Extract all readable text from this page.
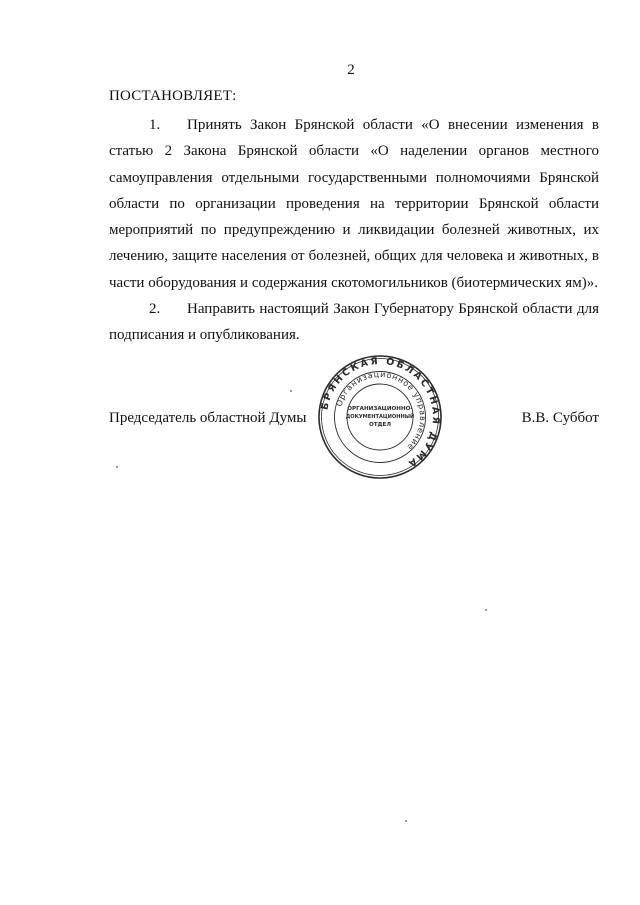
2
ПОСТАНОВЛЯЕТ:

1. Принять Закон Брянской области «О внесении изменения в статью 2 Закона Брянской области «О наделении органов местного самоуправления отдельными государственными полномочиями Брянской области по организации проведения на территории Брянской области мероприятий по предупреждению и ликвидации болезней животных, их лечению, защите населения от болезней, общих для человека и животных, в части оборудования и содержания скотомогильников (биотермических ям)».

2. Направить настоящий Закон Губернатору Брянской области для подписания и опубликования.

Председатель областной Думы	В.В. Суббот
БРЯНСКАЯ ОБЛАСТНАЯ ДУМА
Организационное управление
ОРГАНИЗАЦИОННО-
ДОКУМЕНТАЦИОННЫЙ
ОТДЕЛ
